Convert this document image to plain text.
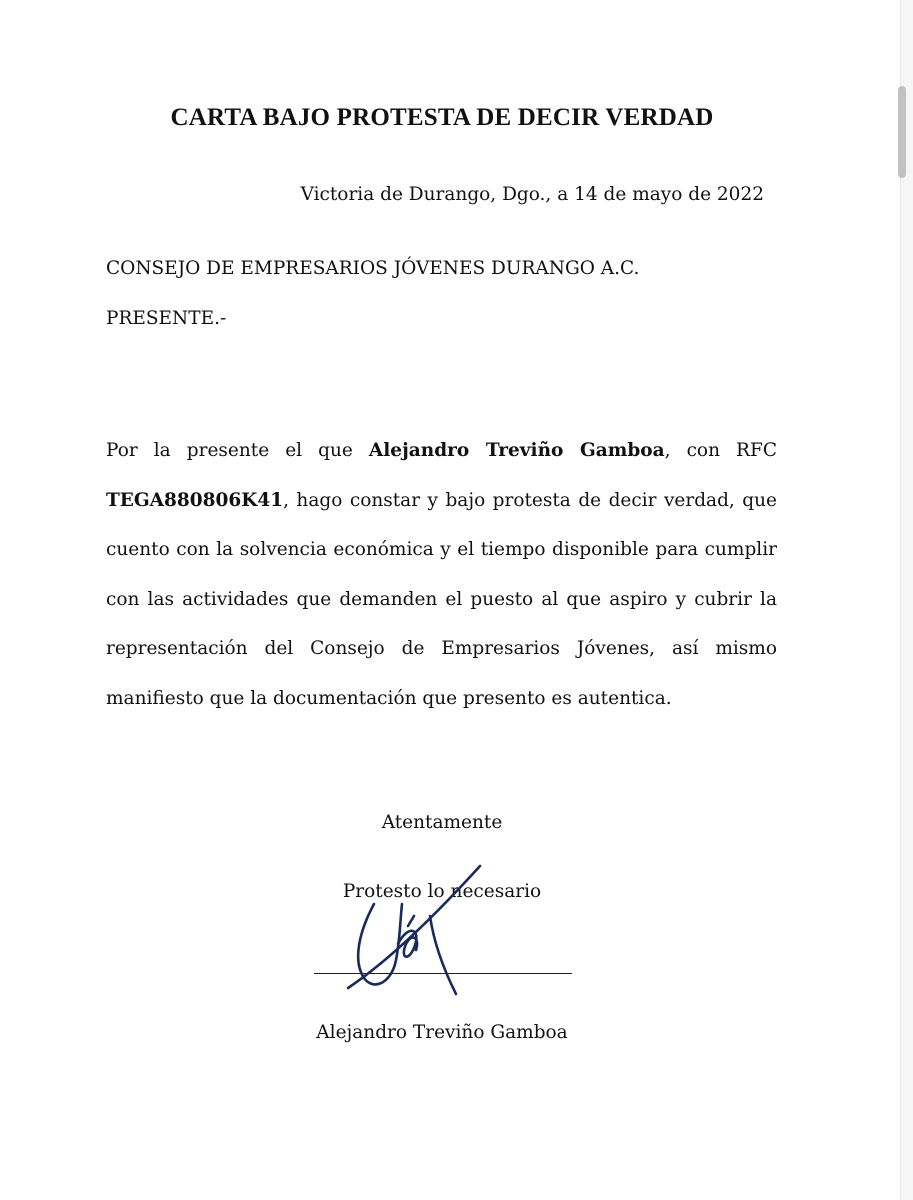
CARTA BAJO PROTESTA DE DECIR VERDAD
Victoria de Durango, Dgo., a 14 de mayo de 2022
CONSEJO DE EMPRESARIOS JÓVENES DURANGO A.C.
PRESENTE.-
Por la presente el que Alejandro Treviño Gamboa, con RFC TEGA880806K41, hago constar y bajo protesta de decir verdad, que cuento con la solvencia económica y el tiempo disponible para cumplir con las actividades que demanden el puesto al que aspiro y cubrir la representación del Consejo de Empresarios Jóvenes, así mismo manifiesto que la documentación que presento es autentica.
Atentamente
Protesto lo necesario
Alejandro Treviño Gamboa
